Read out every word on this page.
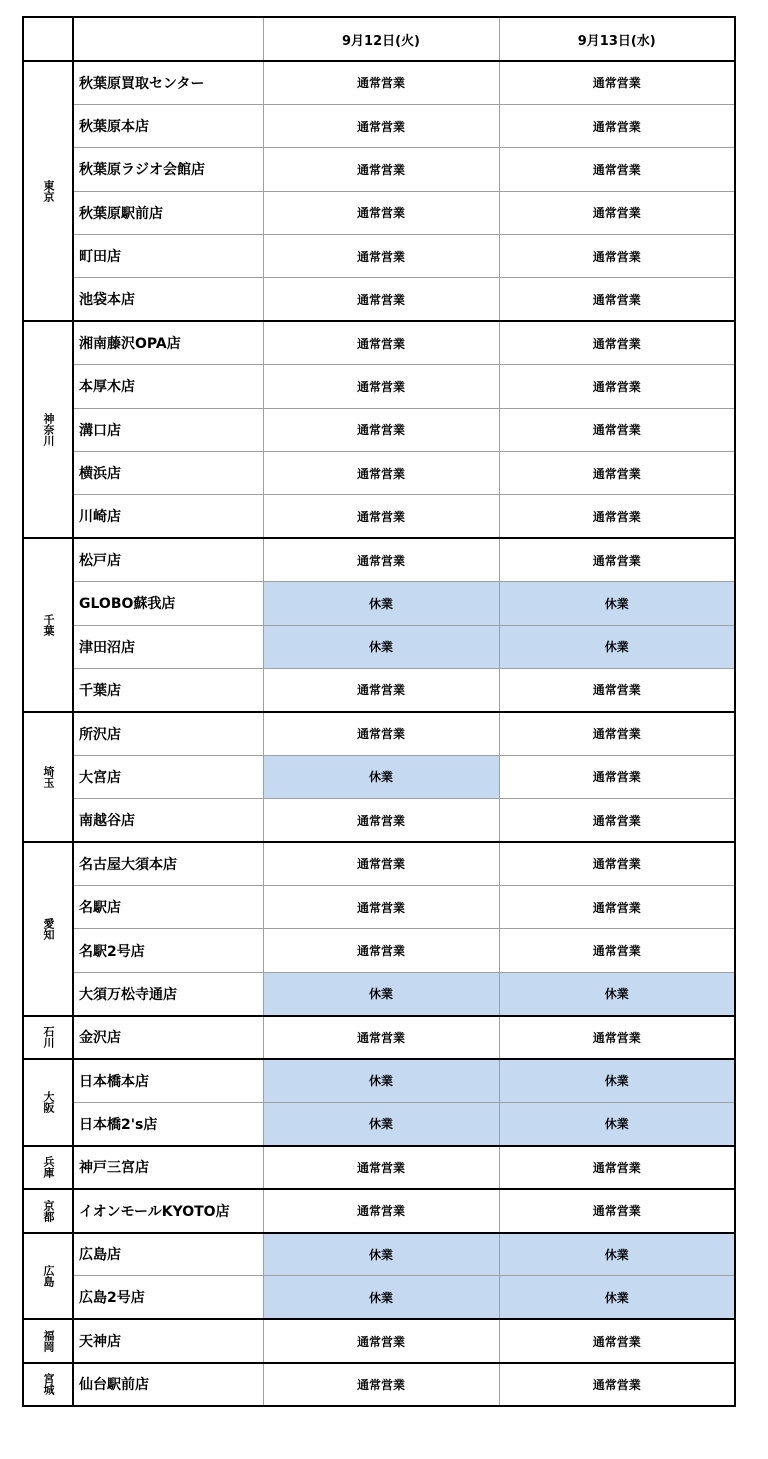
		9月12日(火)	9月13日(水)
東京	秋葉原買取センター	通常営業	通常営業
	秋葉原本店	通常営業	通常営業
	秋葉原ラジオ会館店	通常営業	通常営業
	秋葉原駅前店	通常営業	通常営業
	町田店	通常営業	通常営業
	池袋本店	通常営業	通常営業
神奈川	湘南藤沢OPA店	通常営業	通常営業
	本厚木店	通常営業	通常営業
	溝口店	通常営業	通常営業
	横浜店	通常営業	通常営業
	川崎店	通常営業	通常営業
千葉	松戸店	通常営業	通常営業
	GLOBO蘇我店	休業	休業
	津田沼店	休業	休業
	千葉店	通常営業	通常営業
埼玉	所沢店	通常営業	通常営業
	大宮店	休業	通常営業
	南越谷店	通常営業	通常営業
愛知	名古屋大須本店	通常営業	通常営業
	名駅店	通常営業	通常営業
	名駅2号店	通常営業	通常営業
	大須万松寺通店	休業	休業
石川	金沢店	通常営業	通常営業
大阪	日本橋本店	休業	休業
	日本橋2's店	休業	休業
兵庫	神戸三宮店	通常営業	通常営業
京都	イオンモールKYOTO店	通常営業	通常営業
広島	広島店	休業	休業
	広島2号店	休業	休業
福岡	天神店	通常営業	通常営業
宮城	仙台駅前店	通常営業	通常営業
